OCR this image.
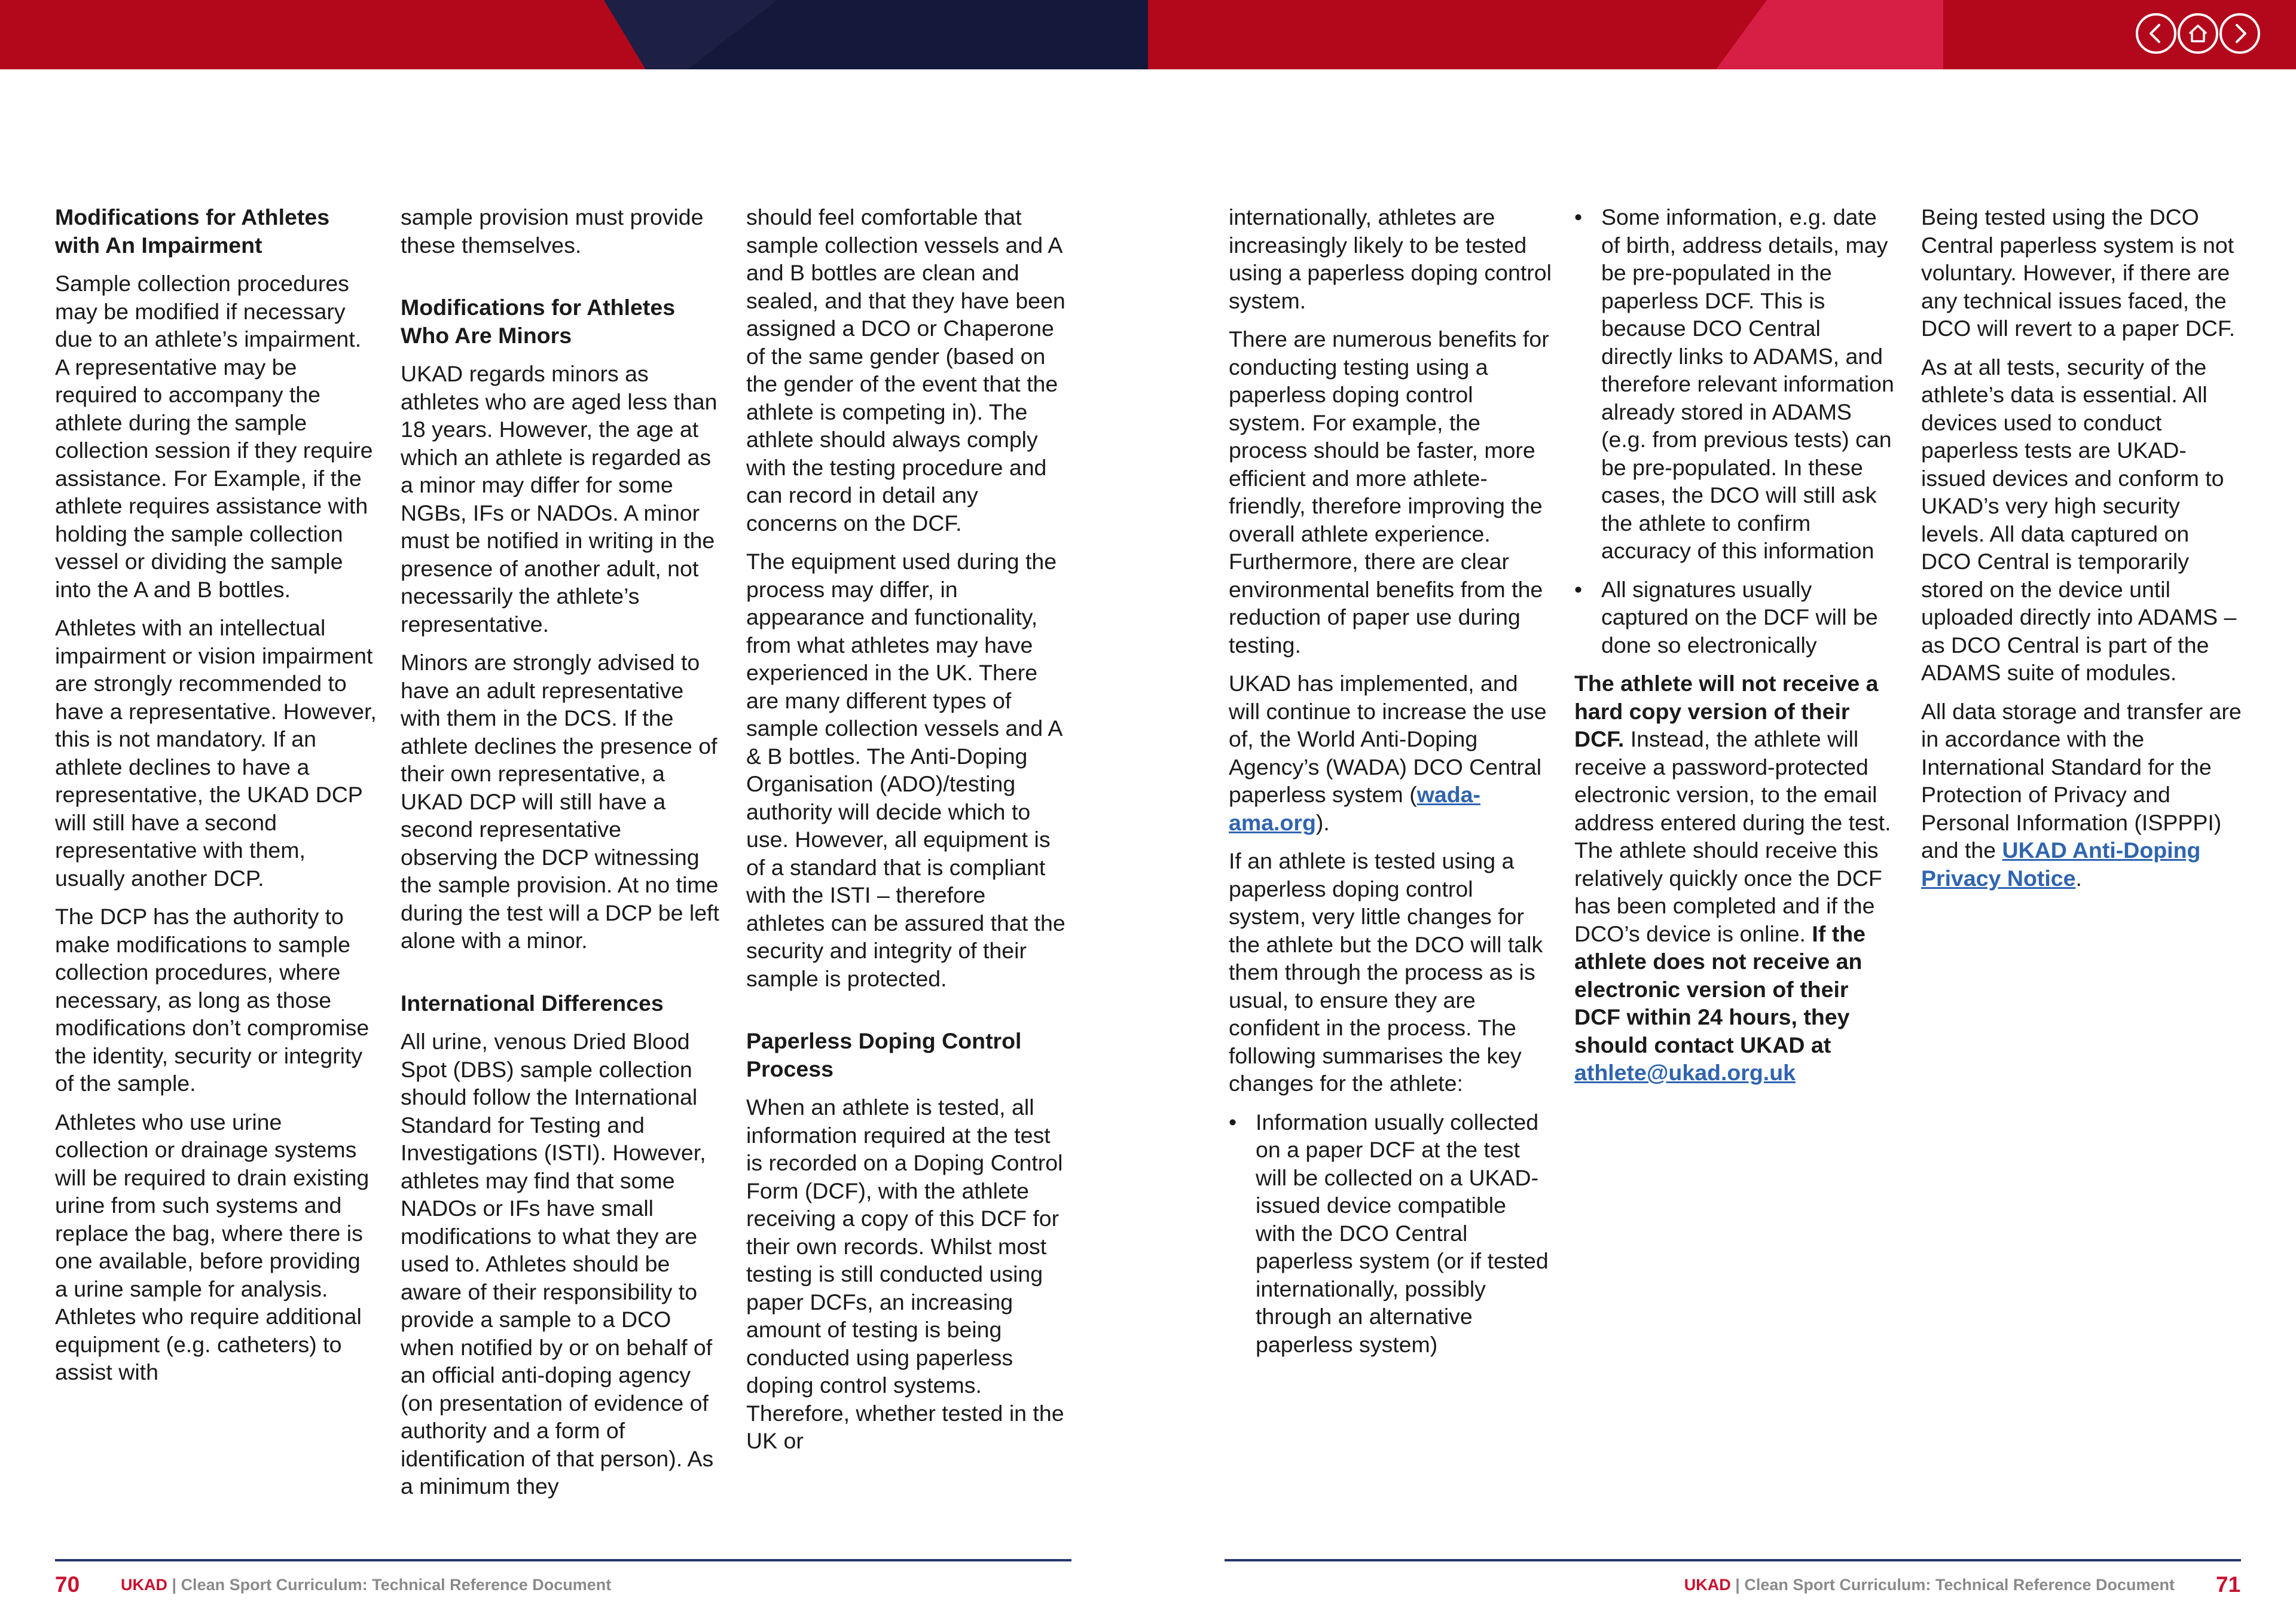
Modifications for Athletes with An Impairment

Sample collection procedures may be modified if necessary due to an athlete’s impairment. A representative may be required to accompany the athlete during the sample collection session if they require assistance. For Example, if the athlete requires assistance with holding the sample collection vessel or dividing the sample into the A and B bottles.

Athletes with an intellectual impairment or vision impairment are strongly recommended to have a representative. However, this is not mandatory. If an athlete declines to have a representative, the UKAD DCP will still have a second representative with them, usually another DCP.

The DCP has the authority to make modifications to sample collection procedures, where necessary, as long as those modifications don’t compromise the identity, security or integrity of the sample.

Athletes who use urine collection or drainage systems will be required to drain existing urine from such systems and replace the bag, where there is one available, before providing a urine sample for analysis. Athletes who require additional equipment (e.g. catheters) to assist with

sample provision must provide these themselves.

Modifications for Athletes Who Are Minors

UKAD regards minors as athletes who are aged less than 18 years. However, the age at which an athlete is regarded as a minor may differ for some NGBs, IFs or NADOs. A minor must be notified in writing in the presence of another adult, not necessarily the athlete’s representative.

Minors are strongly advised to have an adult representative with them in the DCS. If the athlete declines the presence of their own representative, a UKAD DCP will still have a second representative observing the DCP witnessing the sample provision. At no time during the test will a DCP be left alone with a minor.

International Differences

All urine, venous Dried Blood Spot (DBS) sample collection should follow the International Standard for Testing and Investigations (ISTI). However, athletes may find that some NADOs or IFs have small modifications to what they are used to. Athletes should be aware of their responsibility to provide a sample to a DCO when notified by or on behalf of an official anti-doping agency (on presentation of evidence of authority and a form of identification of that person). As a minimum they

should feel comfortable that sample collection vessels and A and B bottles are clean and sealed, and that they have been assigned a DCO or Chaperone of the same gender (based on the gender of the event that the athlete is competing in). The athlete should always comply with the testing procedure and can record in detail any concerns on the DCF.

The equipment used during the process may differ, in appearance and functionality, from what athletes may have experienced in the UK. There are many different types of sample collection vessels and A & B bottles. The Anti-Doping Organisation (ADO)/testing authority will decide which to use. However, all equipment is of a standard that is compliant with the ISTI – therefore athletes can be assured that the security and integrity of their sample is protected.

Paperless Doping Control Process

When an athlete is tested, all information required at the test is recorded on a Doping Control Form (DCF), with the athlete receiving a copy of this DCF for their own records. Whilst most testing is still conducted using paper DCFs, an increasing amount of testing is being conducted using paperless doping control systems. Therefore, whether tested in the UK or

internationally, athletes are increasingly likely to be tested using a paperless doping control system.

There are numerous benefits for conducting testing using a paperless doping control system. For example, the process should be faster, more efficient and more athlete-friendly, therefore improving the overall athlete experience. Furthermore, there are clear environmental benefits from the reduction of paper use during testing.

UKAD has implemented, and will continue to increase the use of, the World Anti-Doping Agency’s (WADA) DCO Central paperless system (wada-ama.org).

If an athlete is tested using a paperless doping control system, very little changes for the athlete but the DCO will talk them through the process as is usual, to ensure they are confident in the process. The following summarises the key changes for the athlete:

• Information usually collected on a paper DCF at the test will be collected on a UKAD-issued device compatible with the DCO Central paperless system (or if tested internationally, possibly through an alternative paperless system)
• Some information, e.g. date of birth, address details, may be pre-populated in the paperless DCF. This is because DCO Central directly links to ADAMS, and therefore relevant information already stored in ADAMS (e.g. from previous tests) can be pre-populated. In these cases, the DCO will still ask the athlete to confirm accuracy of this information
• All signatures usually captured on the DCF will be done so electronically

The athlete will not receive a hard copy version of their DCF. Instead, the athlete will receive a password-protected electronic version, to the email address entered during the test. The athlete should receive this relatively quickly once the DCF has been completed and if the DCO’s device is online. If the athlete does not receive an electronic version of their DCF within 24 hours, they should contact UKAD at athlete@ukad.org.uk

Being tested using the DCO Central paperless system is not voluntary. However, if there are any technical issues faced, the DCO will revert to a paper DCF.

As at all tests, security of the athlete’s data is essential. All devices used to conduct paperless tests are UKAD-issued devices and conform to UKAD’s very high security levels. All data captured on DCO Central is temporarily stored on the device until uploaded directly into ADAMS – as DCO Central is part of the ADAMS suite of modules.

All data storage and transfer are in accordance with the International Standard for the Protection of Privacy and Personal Information (ISPPPI) and the UKAD Anti-Doping Privacy Notice.

70	UKAD | Clean Sport Curriculum: Technical Reference Document	UKAD | Clean Sport Curriculum: Technical Reference Document 71
